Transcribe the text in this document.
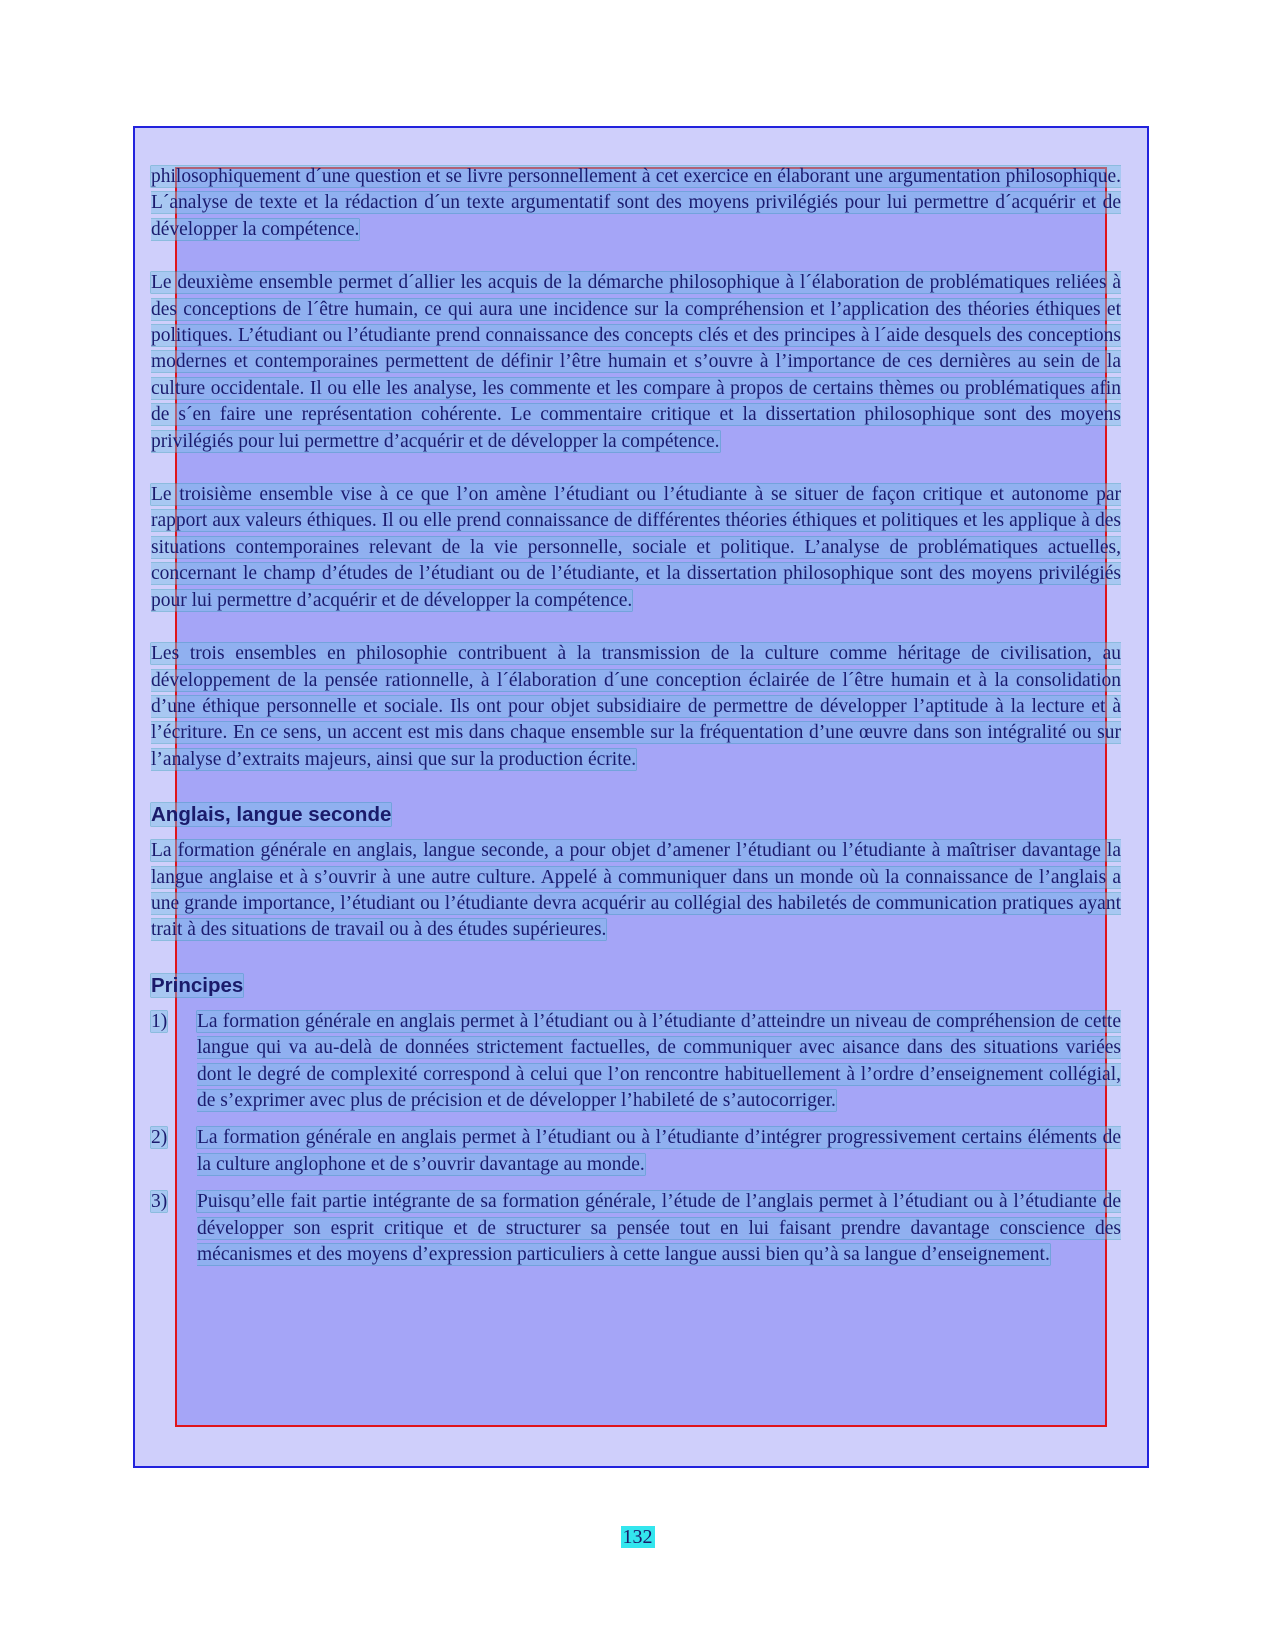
philosophiquement d´une question et se livre personnellement à cet exercice en élaborant une argumentation philosophique. L´analyse de texte et la rédaction d´un texte argumentatif sont des moyens privilégiés pour lui permettre d´acquérir et de développer la compétence.

Le deuxième ensemble permet d´allier les acquis de la démarche philosophique à l´élaboration de problématiques reliées à des conceptions de l´être humain, ce qui aura une incidence sur la compréhension et l’application des théories éthiques et politiques. L’étudiant ou l’étudiante prend connaissance des concepts clés et des principes à l´aide desquels des conceptions modernes et contemporaines permettent de définir l’être humain et s’ouvre à l’importance de ces dernières au sein de la culture occidentale. Il ou elle les analyse, les commente et les compare à propos de certains thèmes ou problématiques afin de s´en faire une représentation cohérente. Le commentaire critique et la dissertation philosophique sont des moyens privilégiés pour lui permettre d’acquérir et de développer la compétence.

Le troisième ensemble vise à ce que l’on amène l’étudiant ou l’étudiante à se situer de façon critique et autonome par rapport aux valeurs éthiques. Il ou elle prend connaissance de différentes théories éthiques et politiques et les applique à des situations contemporaines relevant de la vie personnelle, sociale et politique. L’analyse de problématiques actuelles, concernant le champ d’études de l’étudiant ou de l’étudiante, et la dissertation philosophique sont des moyens privilégiés pour lui permettre d’acquérir et de développer la compétence.

Les trois ensembles en philosophie contribuent à la transmission de la culture comme héritage de civilisation, au développement de la pensée rationnelle, à l´élaboration d´une conception éclairée de l´être humain et à la consolidation d’une éthique personnelle et sociale. Ils ont pour objet subsidiaire de permettre de développer l’aptitude à la lecture et à l’écriture. En ce sens, un accent est mis dans chaque ensemble sur la fréquentation d’une œuvre dans son intégralité ou sur l’analyse d’extraits majeurs, ainsi que sur la production écrite.

Anglais, langue seconde

La formation générale en anglais, langue seconde, a pour objet d’amener l’étudiant ou l’étudiante à maîtriser davantage la langue anglaise et à s’ouvrir à une autre culture. Appelé à communiquer dans un monde où la connaissance de l’anglais a une grande importance, l’étudiant ou l’étudiante devra acquérir au collégial des habiletés de communication pratiques ayant trait à des situations de travail ou à des études supérieures.

Principes
1)	La formation générale en anglais permet à l’étudiant ou à l’étudiante d’atteindre un niveau de compréhension de cette langue qui va au-delà de données strictement factuelles, de communiquer avec aisance dans des situations variées dont le degré de complexité correspond à celui que l’on rencontre habituellement à l’ordre d’enseignement collégial, de s’exprimer avec plus de précision et de développer l’habileté de s’autocorriger.
2)	La formation générale en anglais permet à l’étudiant ou à l’étudiante d’intégrer progressivement certains éléments de la culture anglophone et de s’ouvrir davantage au monde.
3)	Puisqu’elle fait partie intégrante de sa formation générale, l’étude de l’anglais permet à l’étudiant ou à l’étudiante de développer son esprit critique et de structurer sa pensée tout en lui faisant prendre davantage conscience des mécanismes et des moyens d’expression particuliers à cette langue aussi bien qu’à sa langue d’enseignement.
132
